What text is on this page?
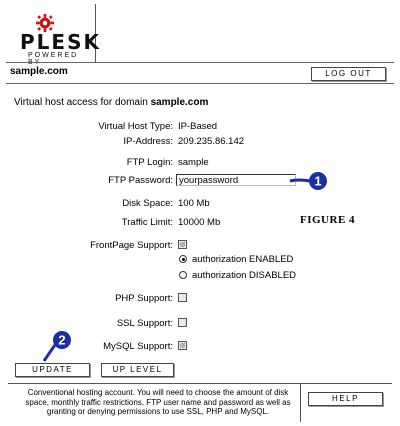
PLESK
POWERED BY
sample.com	LOG OUT
Virtual host access for domain sample.com
Virtual Host Type: IP-Based
IP-Address: 209.235.86.142
FTP Login: sample
FTP Password:
yourpassword	1
Disk Space: 100 Mb
Traffic Limit: 10000 Mb	FIGURE 4
FrontPage Support:
authorization ENABLED
authorization DISABLED
PHP Support:
SSL Support:
MySQL Support:
2
UPDATE	UP LEVEL
Conventional hosting account. You will need to choose the amount of disk space, monthly traffic restrictions, FTP user name and password as well as granting or denying permissions to use SSL, PHP and MySQL.
HELP
